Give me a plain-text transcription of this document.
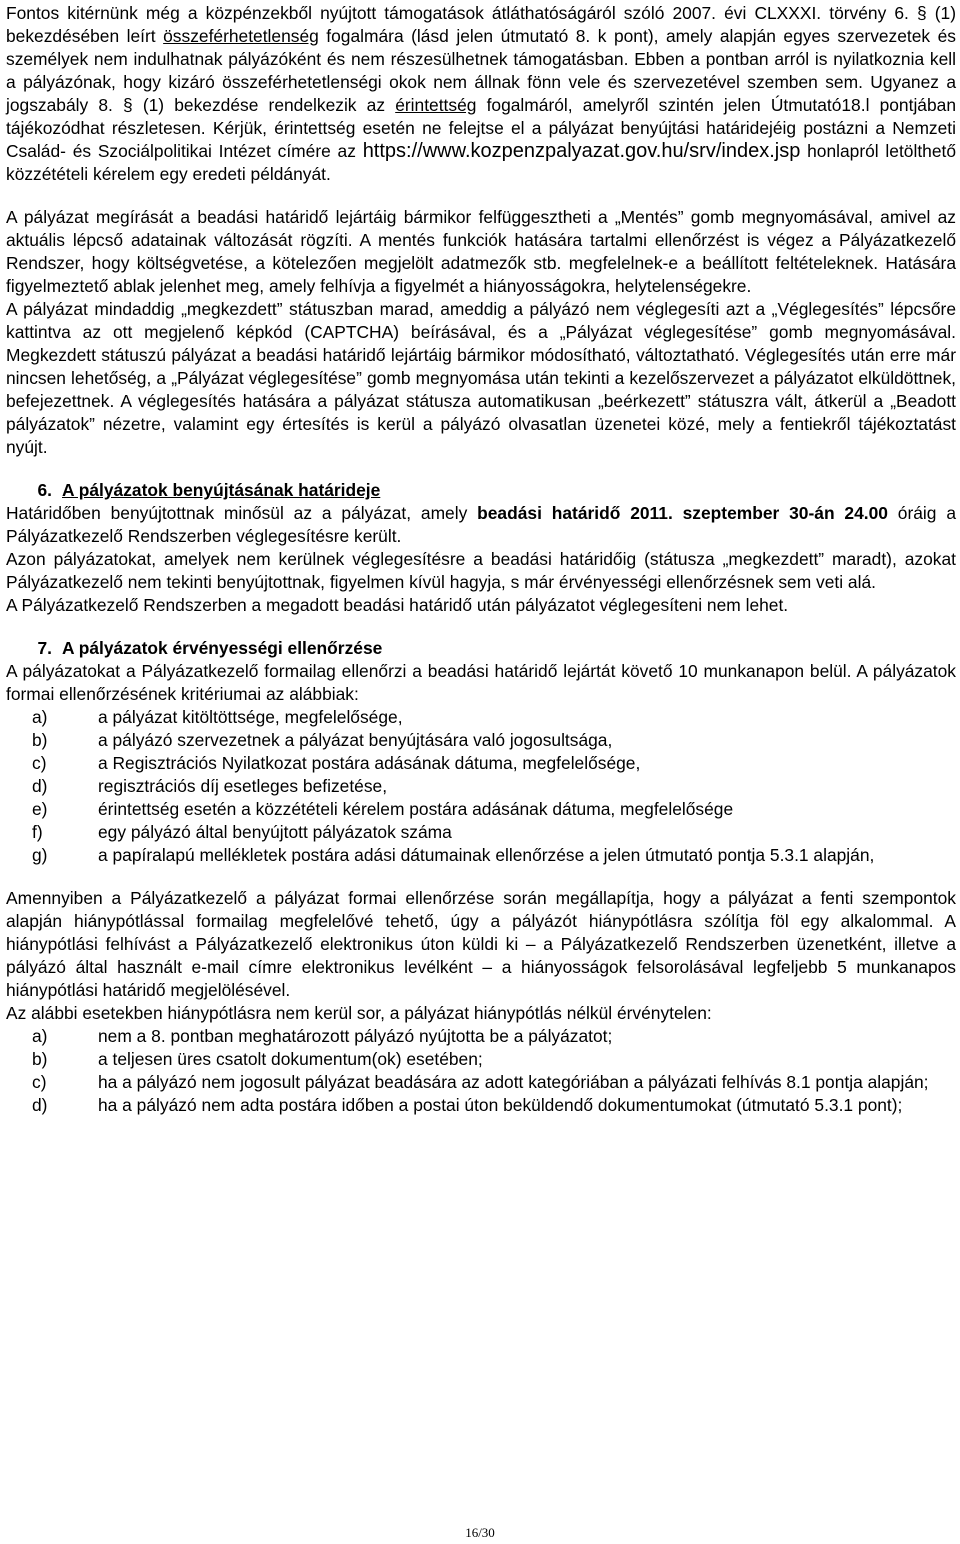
Fontos kitérnünk még a közpénzekből nyújtott támogatások átláthatóságáról szóló 2007. évi CLXXXI. törvény 6. § (1) bekezdésében leírt összeférhetetlenség fogalmára (lásd jelen útmutató 8. k pont), amely alapján egyes szervezetek és személyek nem indulhatnak pályázóként és nem részesülhetnek támogatásban. Ebben a pontban arról is nyilatkoznia kell a pályázónak, hogy kizáró összeférhetetlenségi okok nem állnak fönn vele és szervezetével szemben sem. Ugyanez a jogszabály 8. § (1) bekezdése rendelkezik az érintettség fogalmáról, amelyről szintén jelen Útmutató18.l pontjában tájékozódhat részletesen. Kérjük, érintettség esetén ne felejtse el a pályázat benyújtási határidejéig postázni a Nemzeti Család- és Szociálpolitikai Intézet címére az https://www.kozpenzpalyazat.gov.hu/srv/index.jsp honlapról letölthető közzétételi kérelem egy eredeti példányát.

A pályázat megírását a beadási határidő lejártáig bármikor felfüggesztheti a „Mentés” gomb megnyomásával, amivel az aktuális lépcső adatainak változását rögzíti. A mentés funkciók hatására tartalmi ellenőrzést is végez a Pályázatkezelő Rendszer, hogy költségvetése, a kötelezően megjelölt adatmezők stb. megfelelnek-e a beállított feltételeknek. Hatására figyelmeztető ablak jelenhet meg, amely felhívja a figyelmét a hiányosságokra, helytelenségekre.

A pályázat mindaddig „megkezdett” státuszban marad, ameddig a pályázó nem véglegesíti azt a „Véglegesítés” lépcsőre kattintva az ott megjelenő képkód (CAPTCHA) beírásával, és a „Pályázat véglegesítése” gomb megnyomásával. Megkezdett státuszú pályázat a beadási határidő lejártáig bármikor módosítható, változtatható. Véglegesítés után erre már nincsen lehetőség, a „Pályázat véglegesítése” gomb megnyomása után tekinti a kezelőszervezet a pályázatot elküldöttnek, befejezettnek. A véglegesítés hatására a pályázat státusza automatikusan „beérkezett” státuszra vált, átkerül a „Beadott pályázatok” nézetre, valamint egy értesítés is kerül a pályázó olvasatlan üzenetei közé, mely a fentiekről tájékoztatást nyújt.

6. A pályázatok benyújtásának határideje

Határidőben benyújtottnak minősül az a pályázat, amely beadási határidő 2011. szeptember 30-án 24.00 óráig a Pályázatkezelő Rendszerben véglegesítésre került.

Azon pályázatokat, amelyek nem kerülnek véglegesítésre a beadási határidőig (státusza „megkezdett” maradt), azokat Pályázatkezelő nem tekinti benyújtottnak, figyelmen kívül hagyja, s már érvényességi ellenőrzésnek sem veti alá.

A Pályázatkezelő Rendszerben a megadott beadási határidő után pályázatot véglegesíteni nem lehet.

7. A pályázatok érvényességi ellenőrzése

A pályázatokat a Pályázatkezelő formailag ellenőrzi a beadási határidő lejártát követő 10 munkanapon belül. A pályázatok formai ellenőrzésének kritériumai az alábbiak:

a)	a pályázat kitöltöttsége, megfelelősége,
b)	a pályázó szervezetnek a pályázat benyújtására való jogosultsága,
c)	a Regisztrációs Nyilatkozat postára adásának dátuma, megfelelősége,
d)	regisztrációs díj esetleges befizetése,
e)	érintettség esetén a közzétételi kérelem postára adásának dátuma, megfelelősége
f)	egy pályázó által benyújtott pályázatok száma
g)	a papíralapú mellékletek postára adási dátumainak ellenőrzése a jelen útmutató pontja 5.3.1 alapján,

Amennyiben a Pályázatkezelő a pályázat formai ellenőrzése során megállapítja, hogy a pályázat a fenti szempontok alapján hiánypótlással formailag megfelelővé tehető, úgy a pályázót hiánypótlásra szólítja föl egy alkalommal. A hiánypótlási felhívást a Pályázatkezelő elektronikus úton küldi ki – a Pályázatkezelő Rendszerben üzenetként, illetve a pályázó által használt e-mail címre elektronikus levélként – a hiányosságok felsorolásával legfeljebb 5 munkanapos hiánypótlási határidő megjelölésével.

Az alábbi esetekben hiánypótlásra nem kerül sor, a pályázat hiánypótlás nélkül érvénytelen:

a)	nem a 8. pontban meghatározott pályázó nyújtotta be a pályázatot;
b)	a teljesen üres csatolt dokumentum(ok) esetében;
c)	ha a pályázó nem jogosult pályázat beadására az adott kategóriában a pályázati felhívás 8.1 pontja alapján;
d)	ha a pályázó nem adta postára időben a postai úton beküldendő dokumentumokat (útmutató 5.3.1 pont);
16/30
